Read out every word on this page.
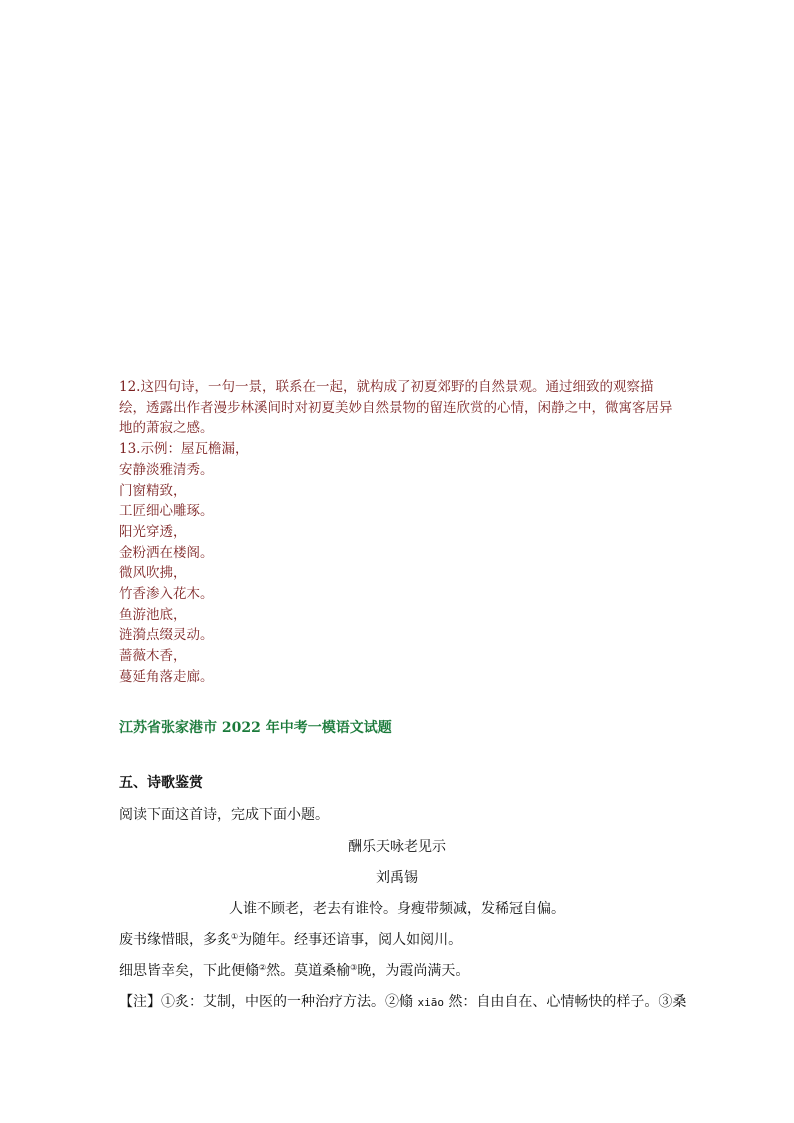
12.这四句诗，一句一景，联系在一起，就构成了初夏郊野的自然景观。通过细致的观察描绘，透露出作者漫步林溪间时对初夏美妙自然景物的留连欣赏的心情，闲静之中，微寓客居异地的萧寂之感。

13.示例：屋瓦檐漏，

安静淡雅清秀。

门窗精致，

工匠细心雕琢。

阳光穿透，

金粉洒在楼阁。

微风吹拂，

竹香渗入花木。

鱼游池底，

涟漪点缀灵动。

蔷薇木香，

蔓延角落走廊。

江苏省张家港市 2022 年中考一模语文试题

五、诗歌鉴赏

阅读下面这首诗，完成下面小题。

酬乐天咏老见示

刘禹锡

人谁不顾老，老去有谁怜。身瘦带频减，发稀冠自偏。

废书缘惜眼，多炙①为随年。经事还谙事，阅人如阅川。

细思皆幸矣，下此便翛②然。莫道桑榆③晚，为霞尚满天。

【注】①炙：艾制，中医的一种治疗方法。②翛 xiāo 然：自由自在、心情畅快的样子。③桑
